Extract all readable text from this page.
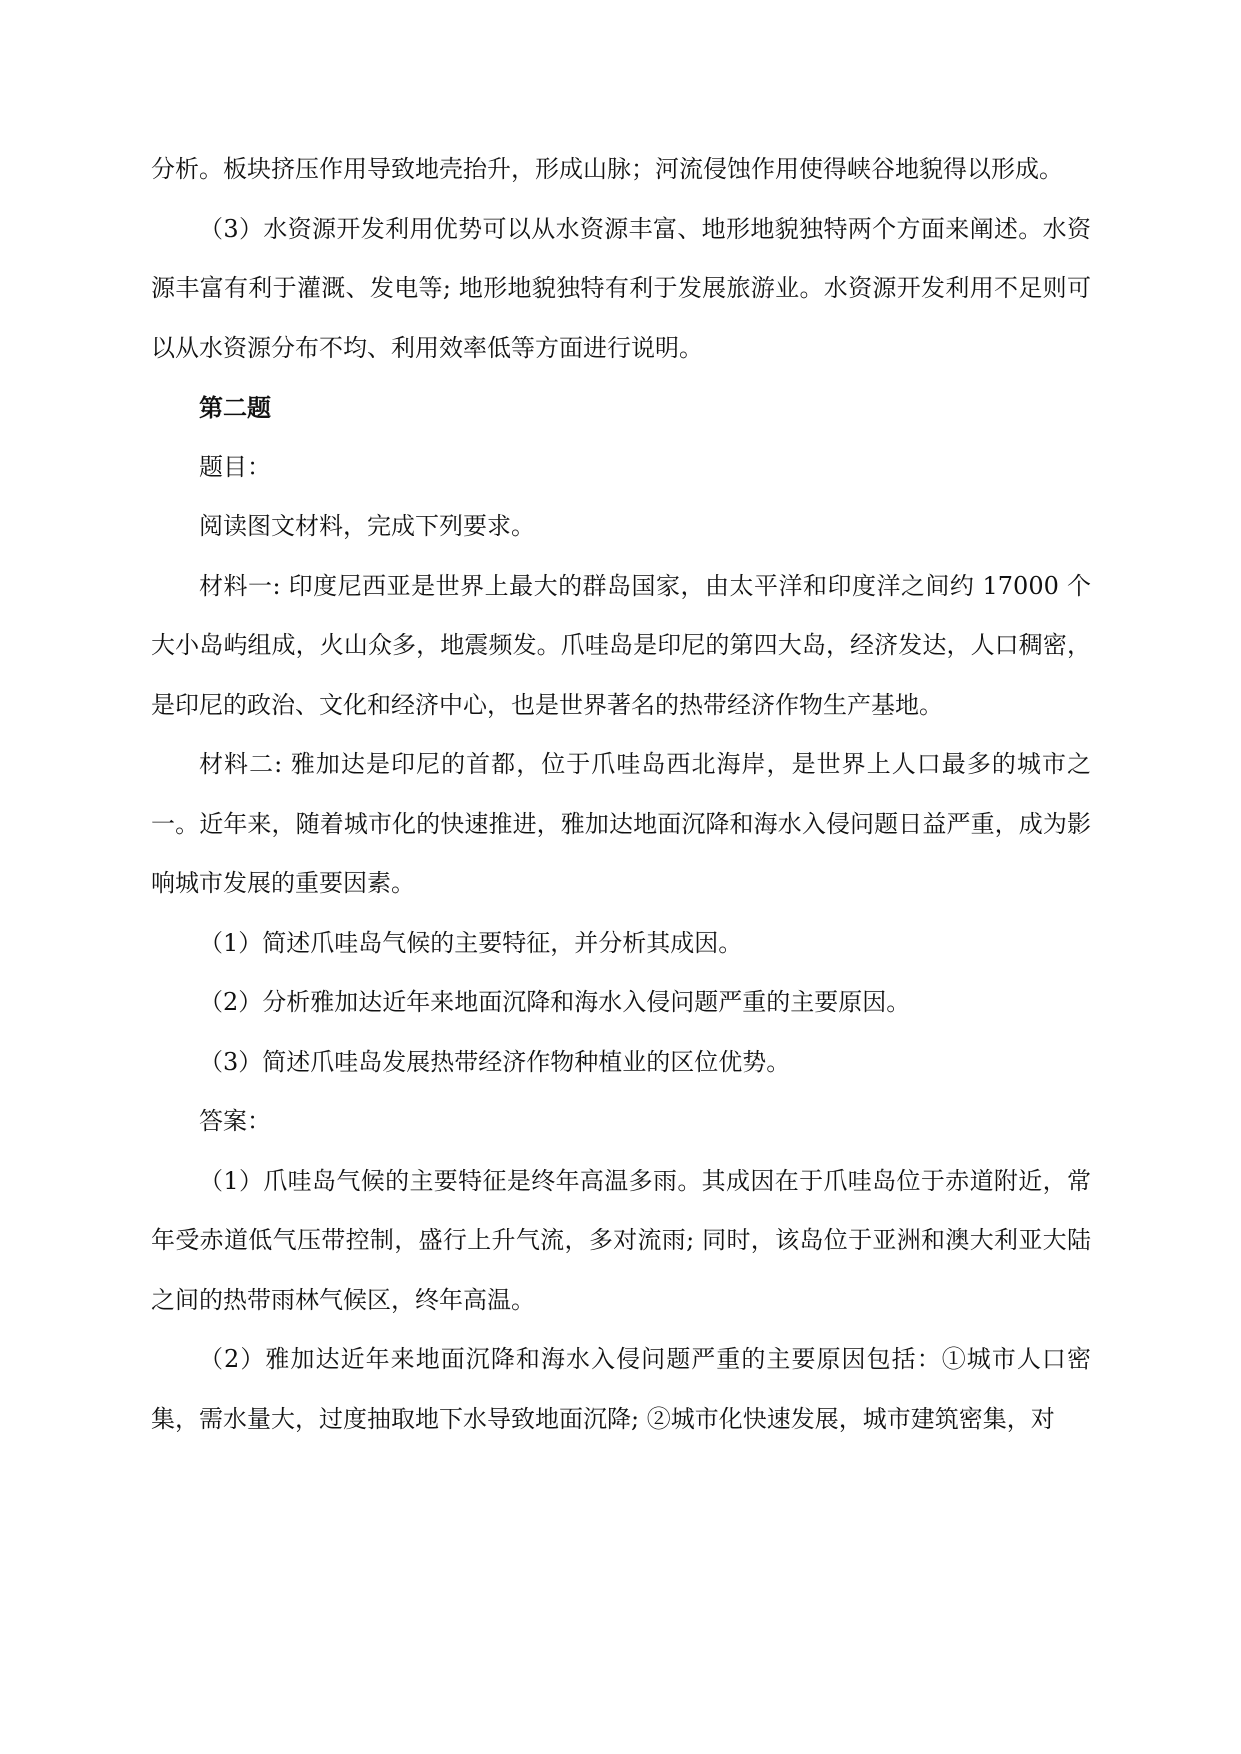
分析。板块挤压作用导致地壳抬升，形成山脉；河流侵蚀作用使得峡谷地貌得以形成。

（3）水资源开发利用优势可以从水资源丰富、地形地貌独特两个方面来阐述。水资源丰富有利于灌溉、发电等; 地形地貌独特有利于发展旅游业。水资源开发利用不足则可以从水资源分布不均、利用效率低等方面进行说明。

第二题

题目：

阅读图文材料，完成下列要求。

材料一: 印度尼西亚是世界上最大的群岛国家，由太平洋和印度洋之间约 17000 个大小岛屿组成，火山众多，地震频发。爪哇岛是印尼的第四大岛，经济发达，人口稠密，是印尼的政治、文化和经济中心，也是世界著名的热带经济作物生产基地。

材料二: 雅加达是印尼的首都，位于爪哇岛西北海岸，是世界上人口最多的城市之一。近年来，随着城市化的快速推进，雅加达地面沉降和海水入侵问题日益严重，成为影响城市发展的重要因素。

（1）简述爪哇岛气候的主要特征，并分析其成因。

（2）分析雅加达近年来地面沉降和海水入侵问题严重的主要原因。

（3）简述爪哇岛发展热带经济作物种植业的区位优势。

答案：

（1）爪哇岛气候的主要特征是终年高温多雨。其成因在于爪哇岛位于赤道附近，常年受赤道低气压带控制，盛行上升气流，多对流雨; 同时，该岛位于亚洲和澳大利亚大陆之间的热带雨林气候区，终年高温。

（2）雅加达近年来地面沉降和海水入侵问题严重的主要原因包括：①城市人口密集，需水量大，过度抽取地下水导致地面沉降; ②城市化快速发展，城市建筑密集，对
